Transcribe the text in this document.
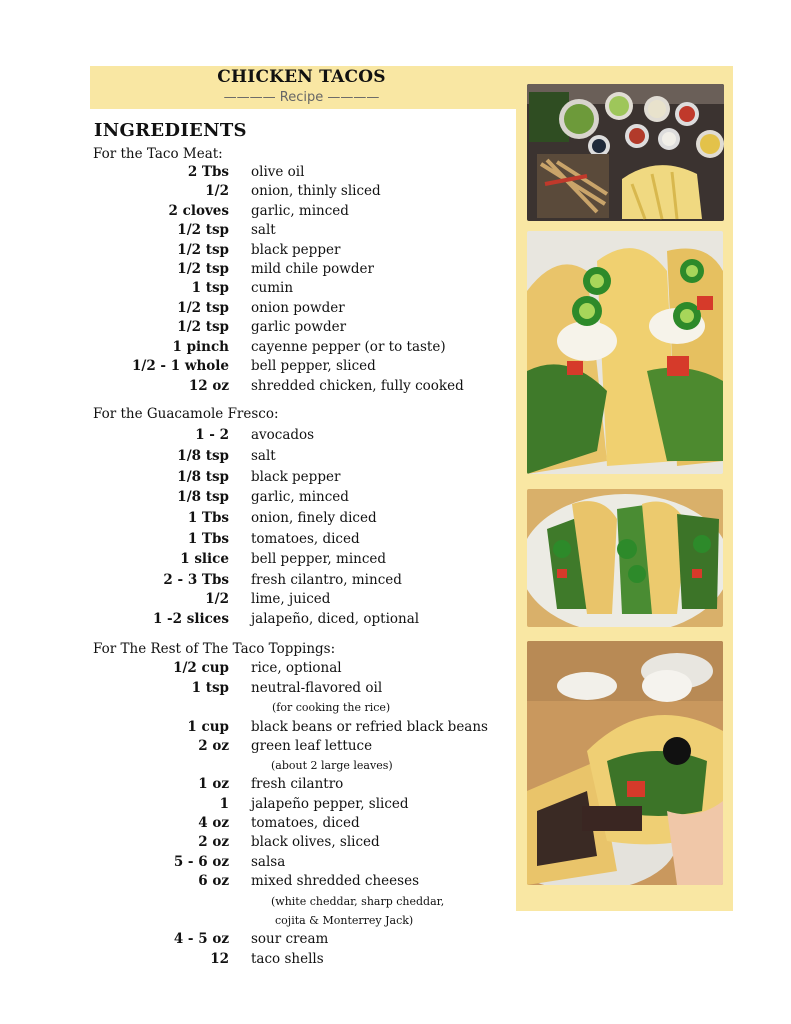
CHICKEN TACOS
———— Recipe ————
INGREDIENTS
For the Taco Meat:
2 Tbs olive oil
1/2 onion, thinly sliced
2 cloves garlic, minced
1/2 tsp salt
1/2 tsp black pepper
1/2 tsp mild chile powder
1 tsp cumin
1/2 tsp onion powder
1/2 tsp garlic powder
1 pinch cayenne pepper (or to taste)
1/2 - 1 whole bell pepper, sliced
12 oz shredded chicken, fully cooked
For the Guacamole Fresco:
1 - 2 avocados
1/8 tsp salt
1/8 tsp black pepper
1/8 tsp garlic, minced
1 Tbs onion, finely diced
1 Tbs tomatoes, diced
1 slice bell pepper, minced
2 - 3 Tbs fresh cilantro, minced
1/2 lime, juiced
1 -2 slices jalapeño, diced, optional
For The Rest of The Taco Toppings:
1/2 cup rice, optional
1 tsp neutral-flavored oil
(for cooking the rice)
1 cup black beans or refried black beans
2 oz green leaf lettuce
(about 2 large leaves)
1 oz fresh cilantro
1 jalapeño pepper, sliced
4 oz tomatoes, diced
2 oz black olives, sliced
5 - 6 oz salsa
6 oz mixed shredded cheeses
(white cheddar, sharp cheddar,
cojita & Monterrey Jack)
4 - 5 oz sour cream
12 taco shells
